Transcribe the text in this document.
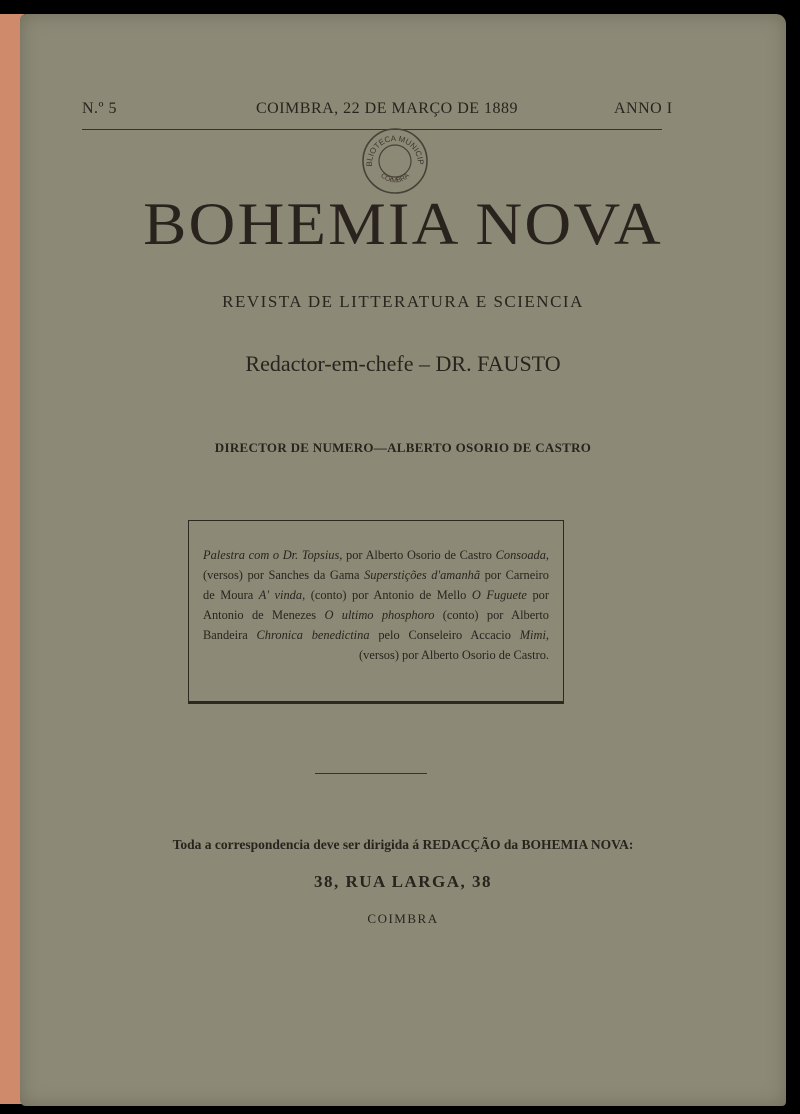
N.º 5	COIMBRA, 22 DE MARÇO DE 1889	ANNO I
BLIOTECA MUNICIP
COIMBRA
BOHEMIA NOVA
REVISTA DE LITTERATURA E SCIENCIA
Redactor-em-chefe – DR. FAUSTO
DIRECTOR DE NUMERO—ALBERTO OSORIO DE CASTRO

Palestra com o Dr. Topsius, por Alberto Osorio de Castro Consoada, (versos) por Sanches da Gama Superstições d'amanhã por Carneiro de Moura A' vinda, (conto) por Antonio de Mello O Fuguete por Antonio de Menezes O ultimo phosphoro (conto) por Alberto Bandeira Chronica benedictina pelo Conseleiro Accacio Mimi, (versos) por Alberto Osorio de Castro.

Toda a correspondencia deve ser dirigida á REDACÇÃO da BOHEMIA NOVA:
38, RUA LARGA, 38
COIMBRA
